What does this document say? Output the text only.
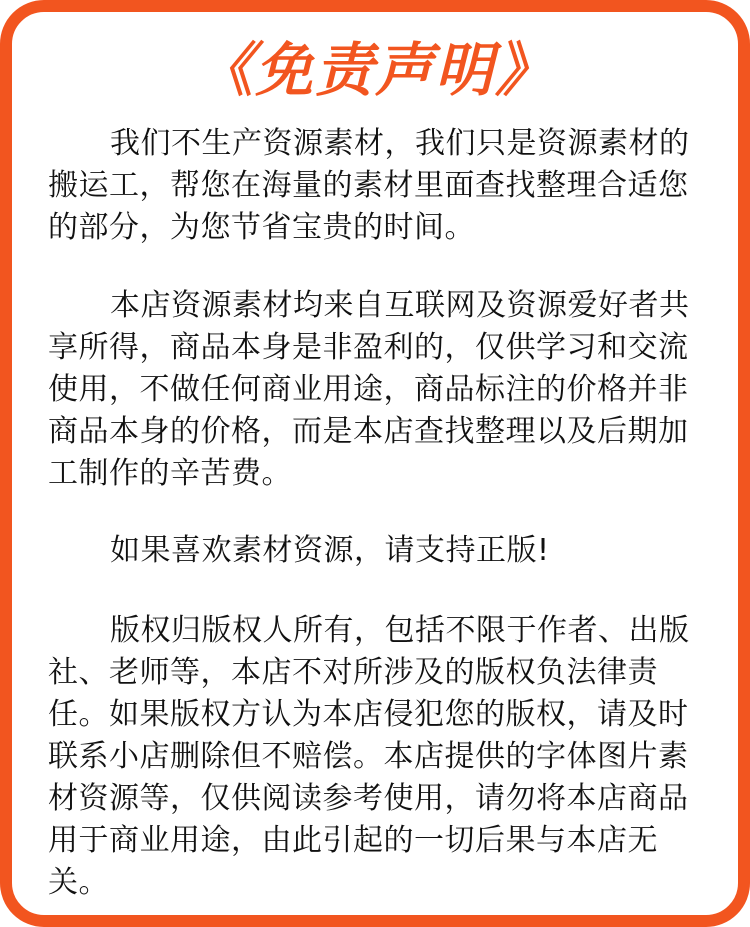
《免责声明》

我们不生产资源素材，我们只是资源素材的搬运工，帮您在海量的素材里面查找整理合适您的部分，为您节省宝贵的时间。

本店资源素材均来自互联网及资源爱好者共享所得，商品本身是非盈利的，仅供学习和交流使用，不做任何商业用途，商品标注的价格并非商品本身的价格，而是本店查找整理以及后期加工制作的辛苦费。

如果喜欢素材资源，请支持正版!

版权归版权人所有，包括不限于作者、出版社、老师等，本店不对所涉及的版权负法律责任。如果版权方认为本店侵犯您的版权，请及时联系小店删除但不赔偿。本店提供的字体图片素材资源等，仅供阅读参考使用，请勿将本店商品用于商业用途，由此引起的一切后果与本店无关。
